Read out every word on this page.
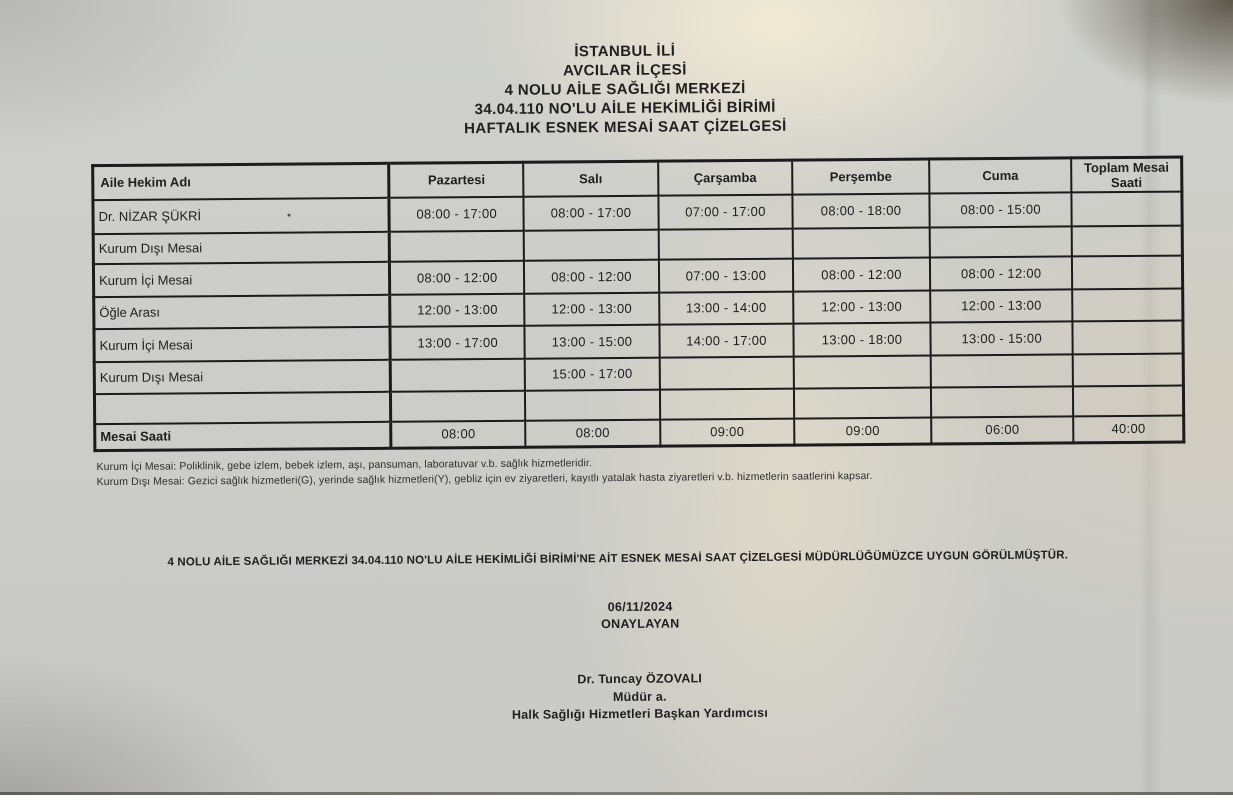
İSTANBUL İLİ
AVCILAR İLÇESİ
4 NOLU AİLE SAĞLIĞI MERKEZİ
34.04.110 NO'LU AİLE HEKİMLİĞİ BİRİMİ
HAFTALIK ESNEK MESAİ SAAT ÇİZELGESİ
Aile Hekim Adı	Pazartesi	Salı	Çarşamba	Perşembe	Cuma	Toplam Mesai Saati
Dr. NİZAR ŞÜKRİ	08:00 - 17:00	08:00 - 17:00	07:00 - 17:00	08:00 - 18:00	08:00 - 15:00	
Kurum Dışı Mesai						
Kurum İçi Mesai	08:00 - 12:00	08:00 - 12:00	07:00 - 13:00	08:00 - 12:00	08:00 - 12:00	
Öğle Arası	12:00 - 13:00	12:00 - 13:00	13:00 - 14:00	12:00 - 13:00	12:00 - 13:00	
Kurum İçi Mesai	13:00 - 17:00	13:00 - 15:00	14:00 - 17:00	13:00 - 18:00	13:00 - 15:00	
Kurum Dışı Mesai		15:00 - 17:00				

Mesai Saati	08:00	08:00	09:00	09:00	06:00	40:00

Kurum İçi Mesai: Poliklinik, gebe izlem, bebek izlem, aşı, pansuman, laboratuvar v.b. sağlık hizmetleridir.

Kurum Dışı Mesai: Gezici sağlık hizmetleri(G), yerinde sağlık hizmetleri(Y), gebliz için ev ziyaretleri, kayıtlı yatalak hasta ziyaretleri v.b. hizmetlerin saatlerini kapsar.

4 NOLU AİLE SAĞLIĞI MERKEZİ 34.04.110 NO'LU AİLE HEKİMLİĞİ BİRİMİ'NE AİT ESNEK MESAİ SAAT ÇİZELGESİ MÜDÜRLÜĞÜMÜZCE UYGUN GÖRÜLMÜŞTÜR.
06/11/2024
ONAYLAYAN
Dr. Tuncay ÖZOVALI
Müdür a.
Halk Sağlığı Hizmetleri Başkan Yardımcısı
